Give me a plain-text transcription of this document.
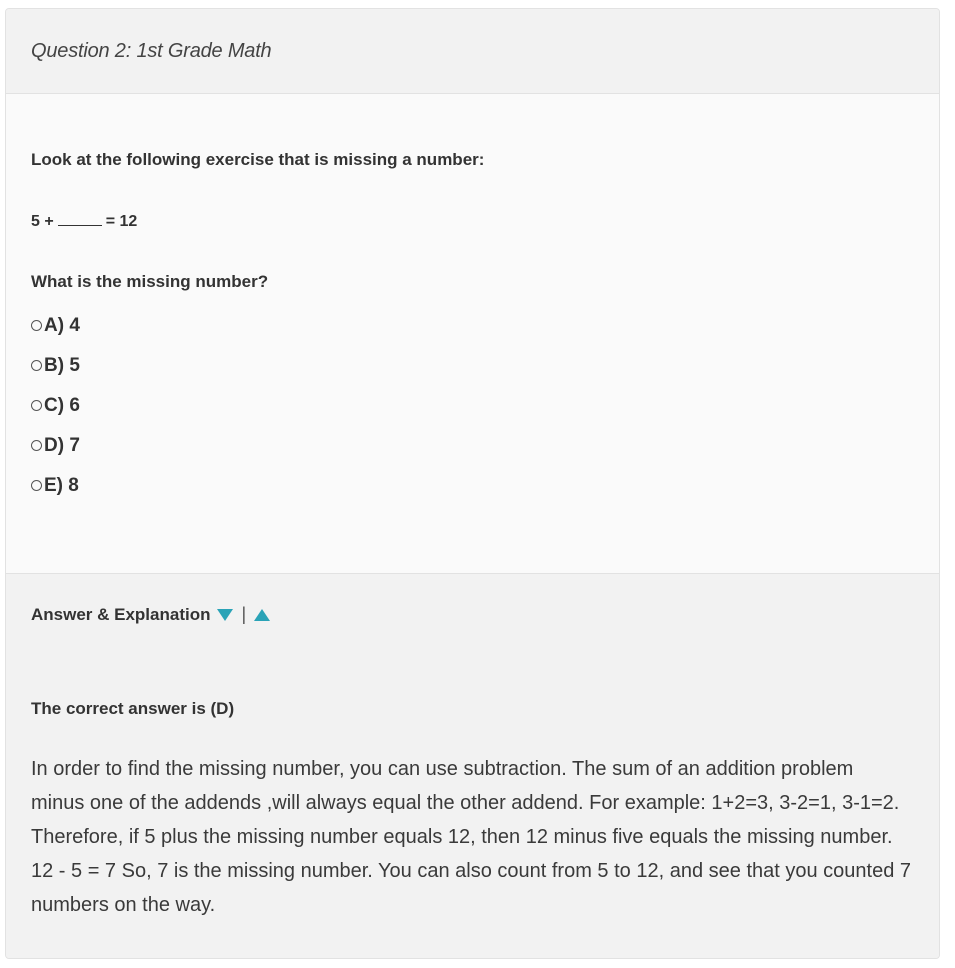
Question 2: 1st Grade Math
Look at the following exercise that is missing a number:
5 +	= 12
What is the missing number?
A) 4
B) 5
C) 6
D) 7
E) 8
Answer & Explanation |
The correct answer is (D)
In order to find the missing number, you can use subtraction. The sum of an addition problem minus one of the addends ,will always equal the other addend. For example: 1+2=3, 3-2=1, 3-1=2. Therefore, if 5 plus the missing number equals 12, then 12 minus five equals the missing number. 12 - 5 = 7 So, 7 is the missing number. You can also count from 5 to 12, and see that you counted 7 numbers on the way.
